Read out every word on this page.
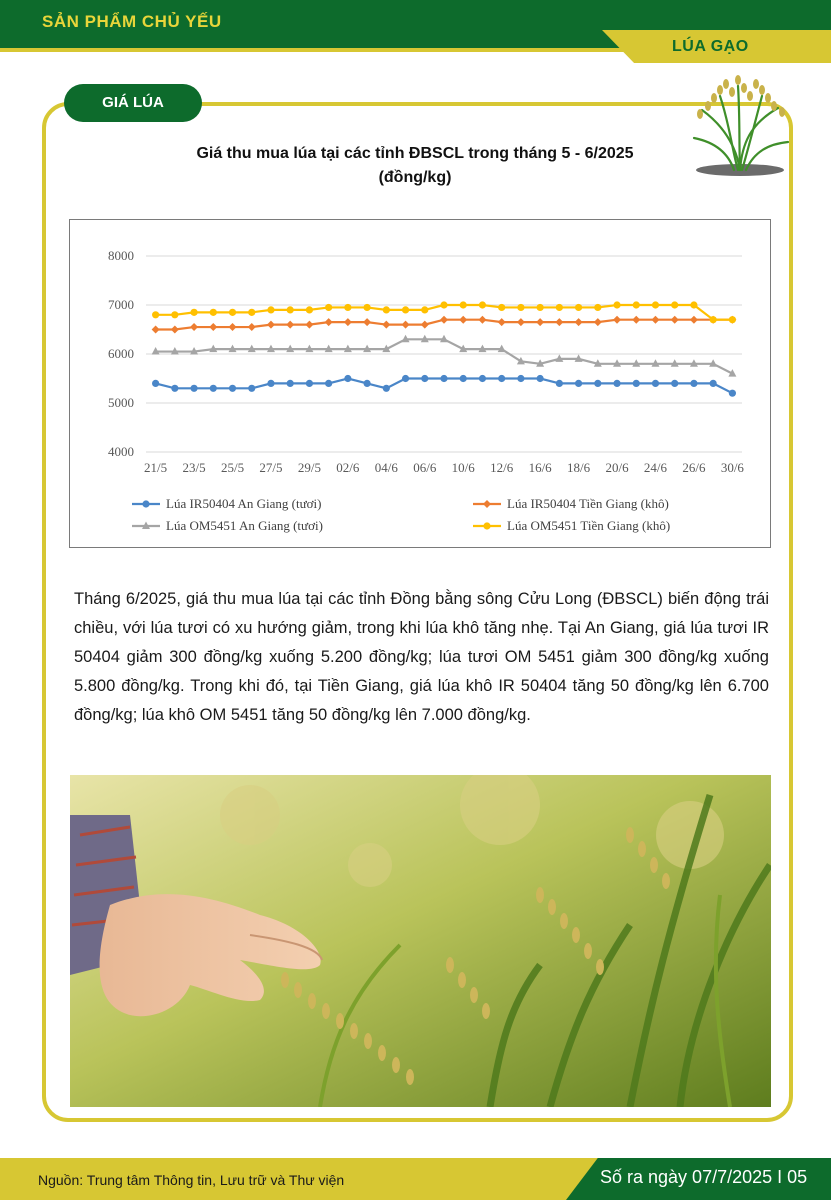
SẢN PHẨM CHỦ YẾU
LÚA GẠO
GIÁ LÚA
Giá thu mua lúa tại các tỉnh ĐBSCL trong tháng 5 - 6/2025
(đồng/kg)
8000
7000
6000
5000
4000
21/5 23/5 25/5 27/5 29/5 02/6 04/6 06/6 10/6 12/6 16/6 18/6 20/6 24/6 26/6 30/6
Lúa IR50404 An Giang (tươi)	Lúa IR50404 Tiền Giang (khô)
Lúa OM5451 An Giang (tươi)	Lúa OM5451 Tiền Giang (khô)
Tháng 6/2025, giá thu mua lúa tại các tỉnh Đồng bằng sông Cửu Long (ĐBSCL) biến động trái chiều, với lúa tươi có xu hướng giảm, trong khi lúa khô tăng nhẹ. Tại An Giang, giá lúa tươi IR 50404 giảm 300 đồng/kg xuống 5.200 đồng/kg; lúa tươi OM 5451 giảm 300 đồng/kg xuống 5.800 đồng/kg. Trong khi đó, tại Tiền Giang, giá lúa khô IR 50404 tăng 50 đồng/kg lên 6.700 đồng/kg; lúa khô OM 5451 tăng 50 đồng/kg lên 7.000 đồng/kg.
Nguồn: Trung tâm Thông tin, Lưu trữ và Thư viện	Số ra ngày 07/7/2025 I 05
